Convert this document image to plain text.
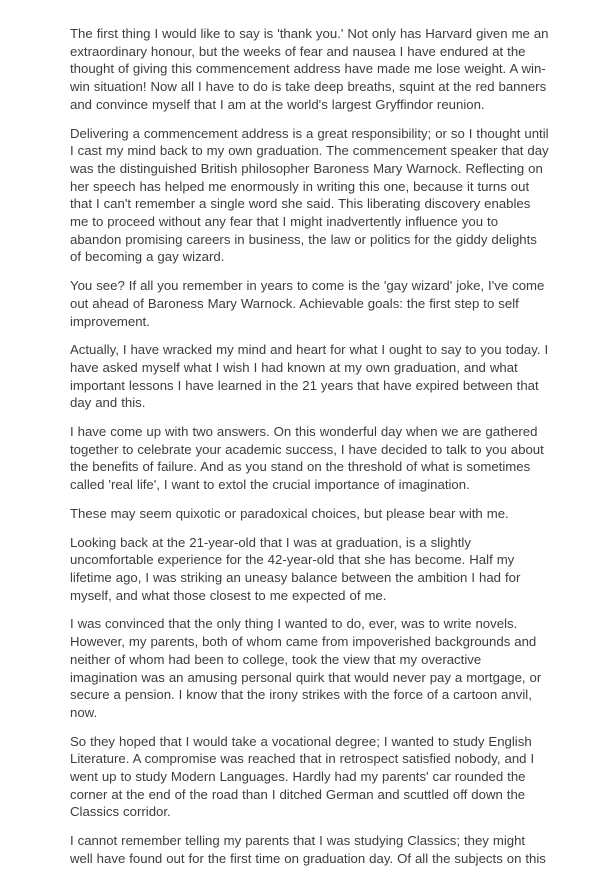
The first thing I would like to say is 'thank you.' Not only has Harvard given me an extraordinary honour, but the weeks of fear and nausea I have endured at the thought of giving this commencement address have made me lose weight. A win-win situation! Now all I have to do is take deep breaths, squint at the red banners and convince myself that I am at the world's largest Gryffindor reunion.

Delivering a commencement address is a great responsibility; or so I thought until I cast my mind back to my own graduation. The commencement speaker that day was the distinguished British philosopher Baroness Mary Warnock. Reflecting on her speech has helped me enormously in writing this one, because it turns out that I can't remember a single word she said. This liberating discovery enables me to proceed without any fear that I might inadvertently influence you to abandon promising careers in business, the law or politics for the giddy delights of becoming a gay wizard.

You see? If all you remember in years to come is the 'gay wizard' joke, I've come out ahead of Baroness Mary Warnock. Achievable goals: the first step to self improvement.

Actually, I have wracked my mind and heart for what I ought to say to you today. I have asked myself what I wish I had known at my own graduation, and what important lessons I have learned in the 21 years that have expired between that day and this.

I have come up with two answers. On this wonderful day when we are gathered together to celebrate your academic success, I have decided to talk to you about the benefits of failure. And as you stand on the threshold of what is sometimes called 'real life', I want to extol the crucial importance of imagination.

These may seem quixotic or paradoxical choices, but please bear with me.

Looking back at the 21-year-old that I was at graduation, is a slightly uncomfortable experience for the 42-year-old that she has become. Half my lifetime ago, I was striking an uneasy balance between the ambition I had for myself, and what those closest to me expected of me.

I was convinced that the only thing I wanted to do, ever, was to write novels. However, my parents, both of whom came from impoverished backgrounds and neither of whom had been to college, took the view that my overactive imagination was an amusing personal quirk that would never pay a mortgage, or secure a pension. I know that the irony strikes with the force of a cartoon anvil, now.

So they hoped that I would take a vocational degree; I wanted to study English Literature. A compromise was reached that in retrospect satisfied nobody, and I went up to study Modern Languages. Hardly had my parents' car rounded the corner at the end of the road than I ditched German and scuttled off down the Classics corridor.

I cannot remember telling my parents that I was studying Classics; they might well have found out for the first time on graduation day. Of all the subjects on this
